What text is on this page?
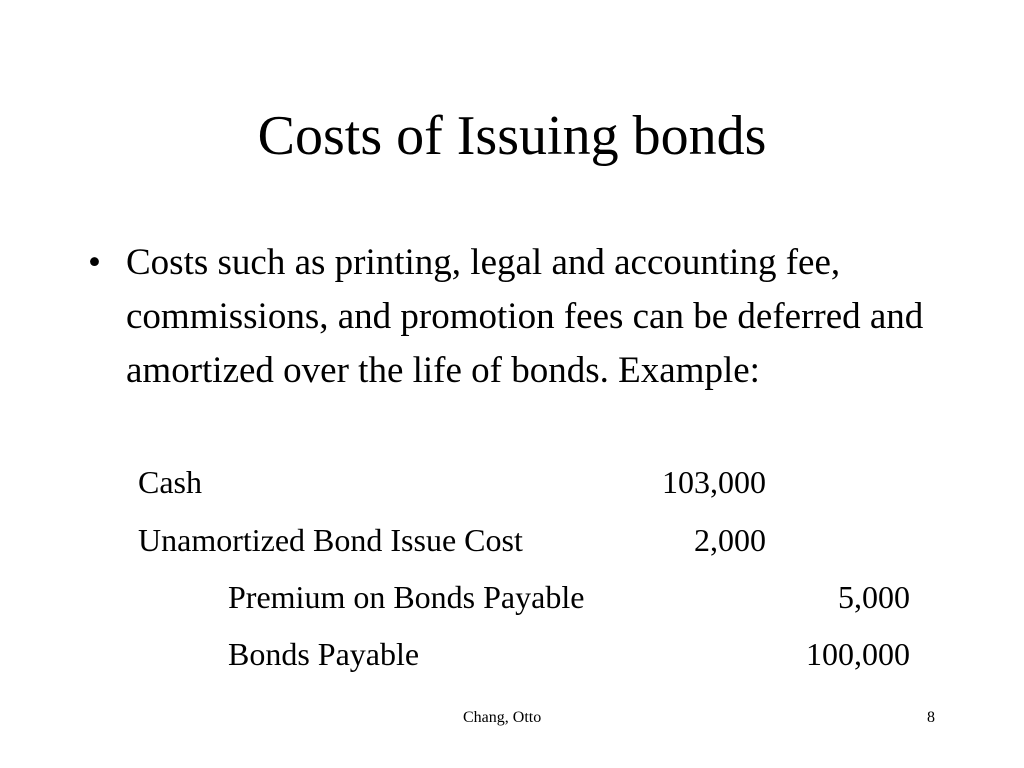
Costs of Issuing bonds
• Costs such as printing, legal and accounting fee, commissions, and promotion fees can be deferred and amortized over the life of bonds. Example:
Cash	103,000
Unamortized Bond Issue Cost	2,000
Premium on Bonds Payable	5,000
Bonds Payable	100,000
Chang, Otto	8
